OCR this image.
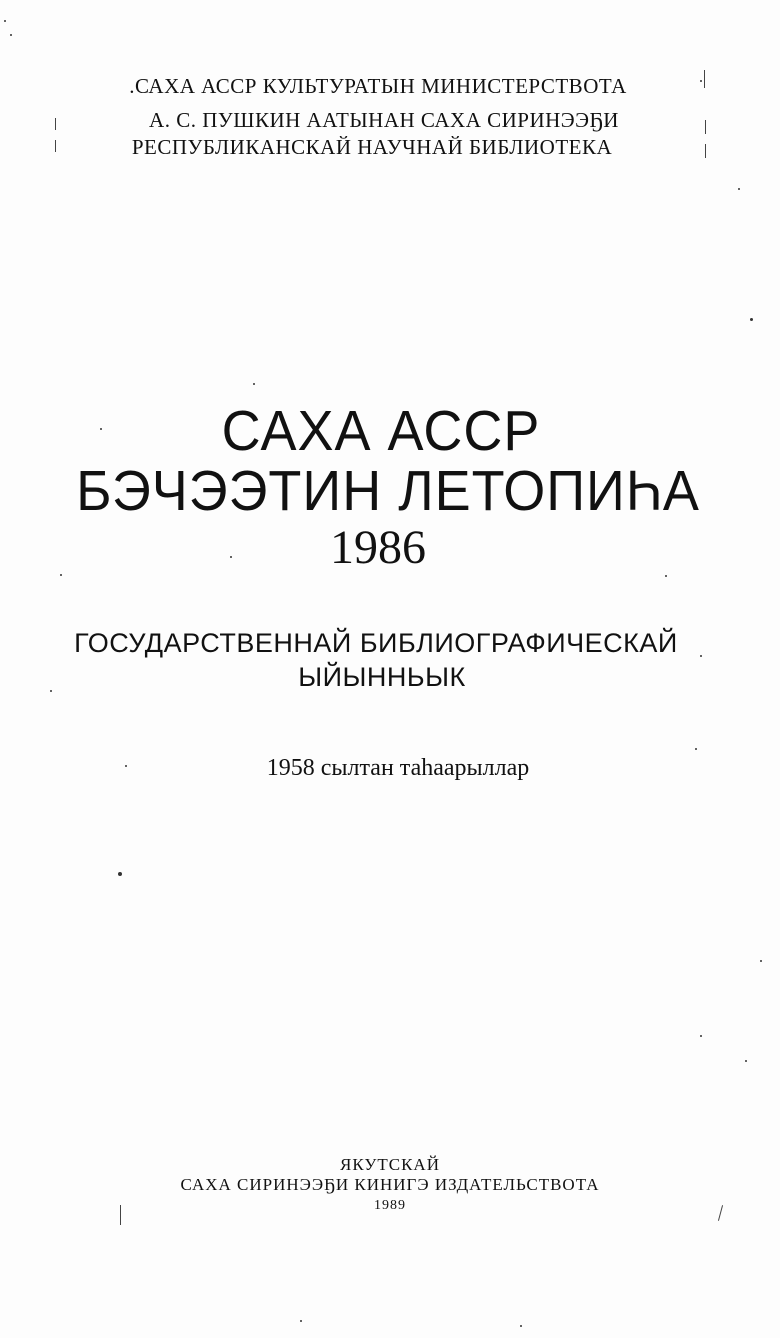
.САХА АССР КУЛЬТУРАТЫН МИНИСТЕРСТВОТА
А. С. ПУШКИН ААТЫНАН САХА СИРИНЭЭҔИ
РЕСПУБЛИКАНСКАЙ НАУЧНАЙ БИБЛИОТЕКА
САХА АССР
БЭЧЭЭТИН ЛЕТОПИҺА
1986
ГОСУДАРСТВЕННАЙ БИБЛИОГРАФИЧЕСКАЙ
ЫЙЫННЬЫК
1958 сылтан таһаарыллар
ЯКУТСКАЙ
САХА СИРИНЭЭҔИ КИНИГЭ ИЗДАТЕЛЬСТВОТА
1989
